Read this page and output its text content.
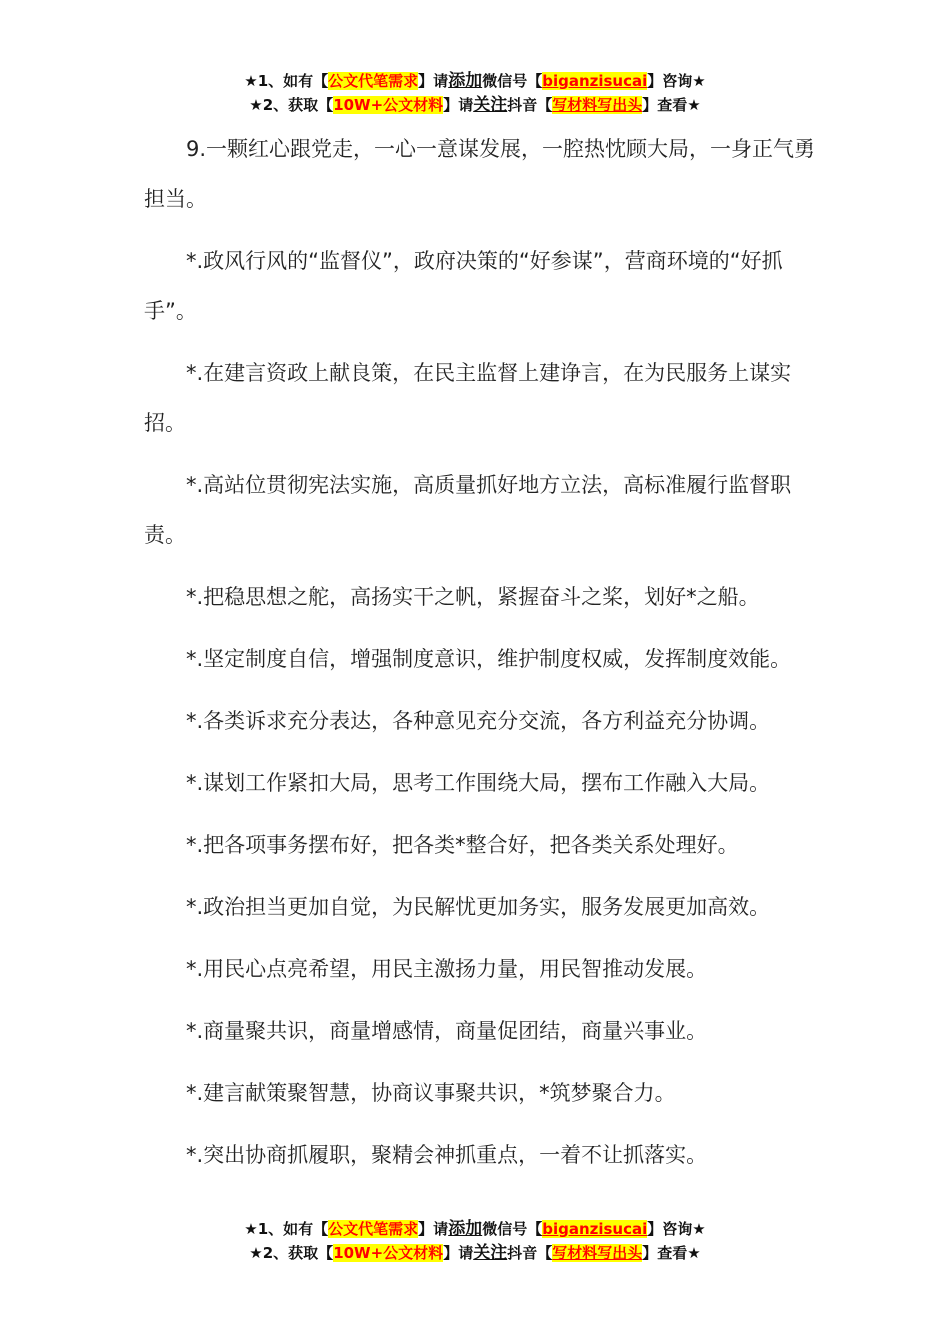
★1、如有【公文代笔需求】请添加微信号【biganzisucai】咨询★
★2、获取【10W+公文材料】请关注抖音【写材料写出头】查看★

9.一颗红心跟党走，一心一意谋发展，一腔热忱顾大局，一身正气勇担当。

*.政风行风的“监督仪”，政府决策的“好参谋”，营商环境的“好抓手”。

*.在建言资政上献良策，在民主监督上建诤言，在为民服务上谋实招。

*.高站位贯彻宪法实施，高质量抓好地方立法，高标准履行监督职责。

*.把稳思想之舵，高扬实干之帆，紧握奋斗之桨，划好*之船。

*.坚定制度自信，增强制度意识，维护制度权威，发挥制度效能。

*.各类诉求充分表达，各种意见充分交流，各方利益充分协调。

*.谋划工作紧扣大局，思考工作围绕大局，摆布工作融入大局。

*.把各项事务摆布好，把各类*整合好，把各类关系处理好。

*.政治担当更加自觉，为民解忧更加务实，服务发展更加高效。

*.用民心点亮希望，用民主激扬力量，用民智推动发展。

*.商量聚共识，商量增感情，商量促团结，商量兴事业。

*.建言献策聚智慧，协商议事聚共识，*筑梦聚合力。

*.突出协商抓履职，聚精会神抓重点，一着不让抓落实。

★1、如有【公文代笔需求】请添加微信号【biganzisucai】咨询★
★2、获取【10W+公文材料】请关注抖音【写材料写出头】查看★
